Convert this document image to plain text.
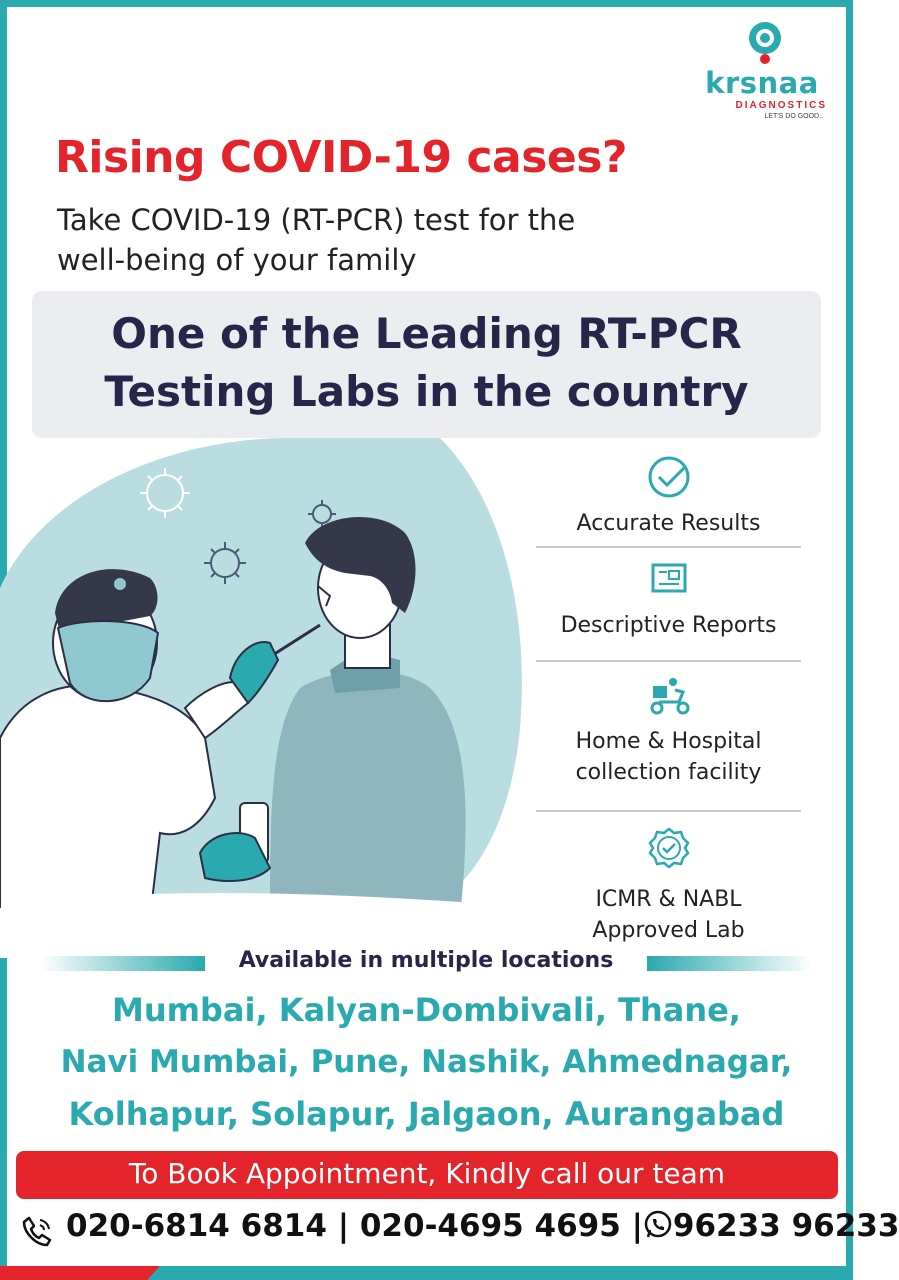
krsnaa
DIAGNOSTICS
LET'S DO GOOD..
Rising COVID-19 cases?
Take COVID-19 (RT-PCR) test for the
well-being of your family
One of the Leading RT-PCR
Testing Labs in the country
Accurate Results
Descriptive Reports
Home & Hospital
collection facility
ICMR & NABL
Approved Lab
Available in multiple locations
Mumbai, Kalyan-Dombivali, Thane,
Navi Mumbai, Pune, Nashik, Ahmednagar,
Kolhapur, Solapur, Jalgaon, Aurangabad
To Book Appointment, Kindly call our team
020-6814 6814 | 020-4695 4695 | 96233 96233
